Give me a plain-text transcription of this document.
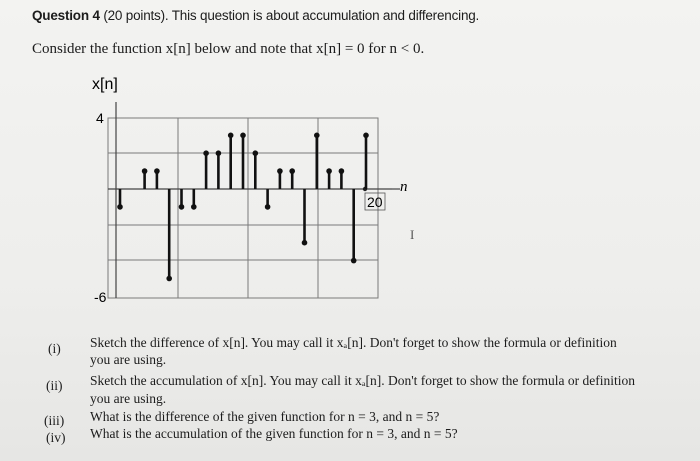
Question 4 (20 points). This question is about accumulation and differencing.
Consider the function x[n] below and note that x[n] = 0 for n < 0.
x[n]
4
-6
20
n
I
(i) Sketch the difference of x[n]. You may call it xₐ[n]. Don't forget to show the formula or definition
you are using.
(ii) Sketch the accumulation of x[n]. You may call it xₐ[n]. Don't forget to show the formula or definition
you are using.
(iii) What is the difference of the given function for n = 3, and n = 5?
(iv) What is the accumulation of the given function for n = 3, and n = 5?
